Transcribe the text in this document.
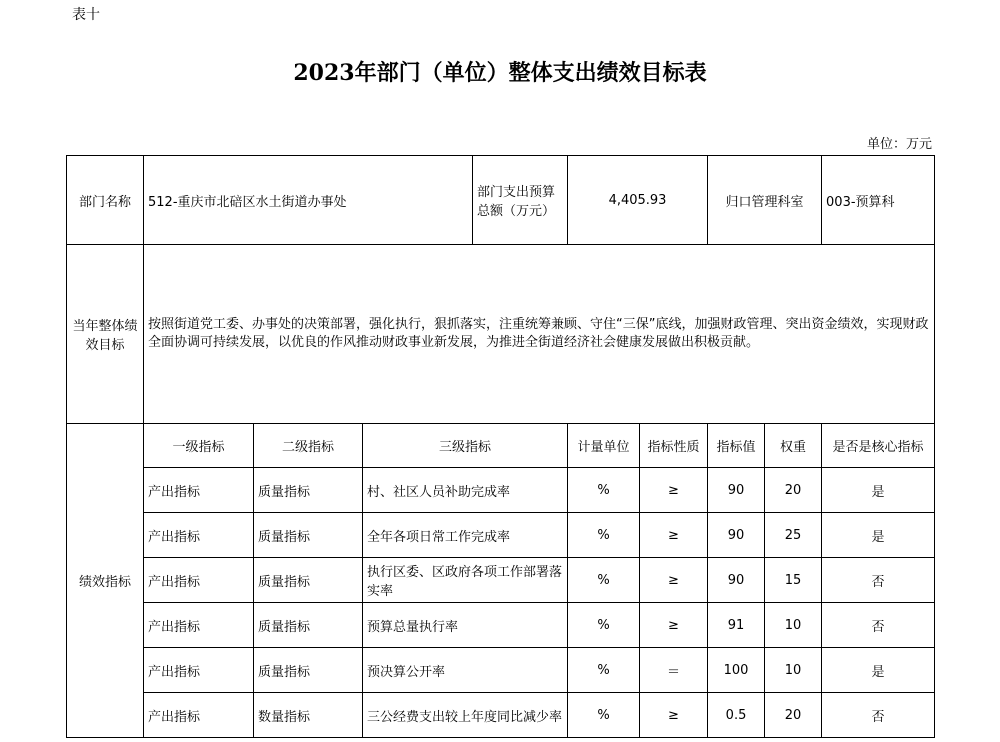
表十
2023年部门（单位）整体支出绩效目标表
单位：万元
部门名称	512-重庆市北碚区水土街道办事处			部门支出预算总额（万元）	4,405.93		归口管理科室		003-预算科
当年整体绩效目标	按照街道党工委、办事处的决策部署，强化执行，狠抓落实，注重统筹兼顾、守住“三保”底线，加强财政管理、突出资金绩效，实现财政全面协调可持续发展，以优良的作风推动财政事业新发展，为推进全街道经济社会健康发展做出积极贡献。								
绩效指标	一级指标	二级指标	三级指标		计量单位	指标性质	指标值	权重	是否是核心指标
	产出指标	质量指标	村、社区人员补助完成率		%	≥	90	20	是
	产出指标	质量指标	全年各项日常工作完成率		%	≥	90	25	是
	产出指标	质量指标	执行区委、区政府各项工作部署落实率		%	≥	90	15	否
	产出指标	质量指标	预算总量执行率		%	≥	91	10	否
	产出指标	质量指标	预决算公开率		%	＝	100	10	是
	产出指标	数量指标	三公经费支出较上年度同比减少率		%	≥	0.5	20	否
